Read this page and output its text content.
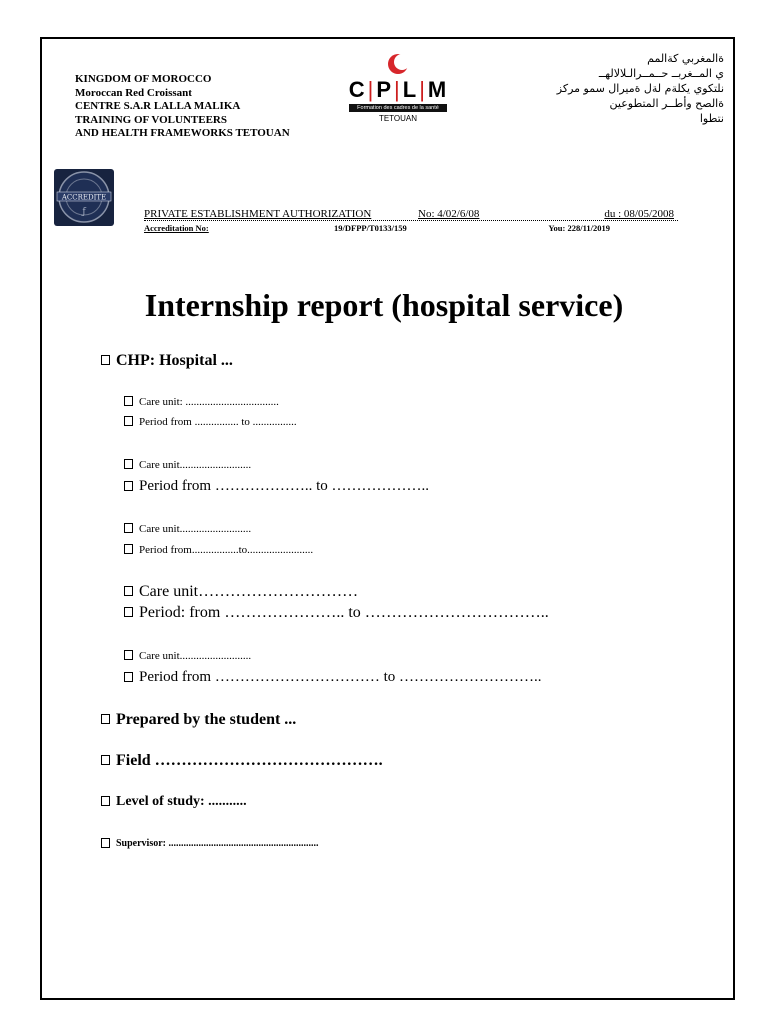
KINGDOM OF MOROCCO
Moroccan Red Croissant
CENTRE S.A.R LALLA MALIKA
TRAINING OF VOLUNTEERS
AND HEALTH FRAMEWORKS TETOUAN
C|P|L|M
Formation des cadres de la santé
TETOUAN
ةالمغربي كةالمم
ي المــغربــ حــمــرالـلالالهــ
نلتكوي يكلةم لةل ةميرال سمو مركز
ةالصح وأطــر المتطوعين
نتطوا
ACCREDITE
ƒ	PRIVATE ESTABLISHMENT AUTHORIZATION	No: 4/02/6/08	du : 08/05/2008
Accreditation No:	19/DFPP/T0133/159	You: 228/11/2019
Internship report (hospital service)
CHP: Hospital ...
Care unit: ..................................
Period from ................ to ................
Care unit..........................
Period from ……………….. to ………………..
Care unit..........................
Period from.................to........................
Care unit…………………………
Period: from ………………….. to ……………………………..
Care unit..........................
Period from …………………………… to ………………………..
Prepared by the student ...
Field …………………………………….
Level of study: ...........
Supervisor: ............................................................
